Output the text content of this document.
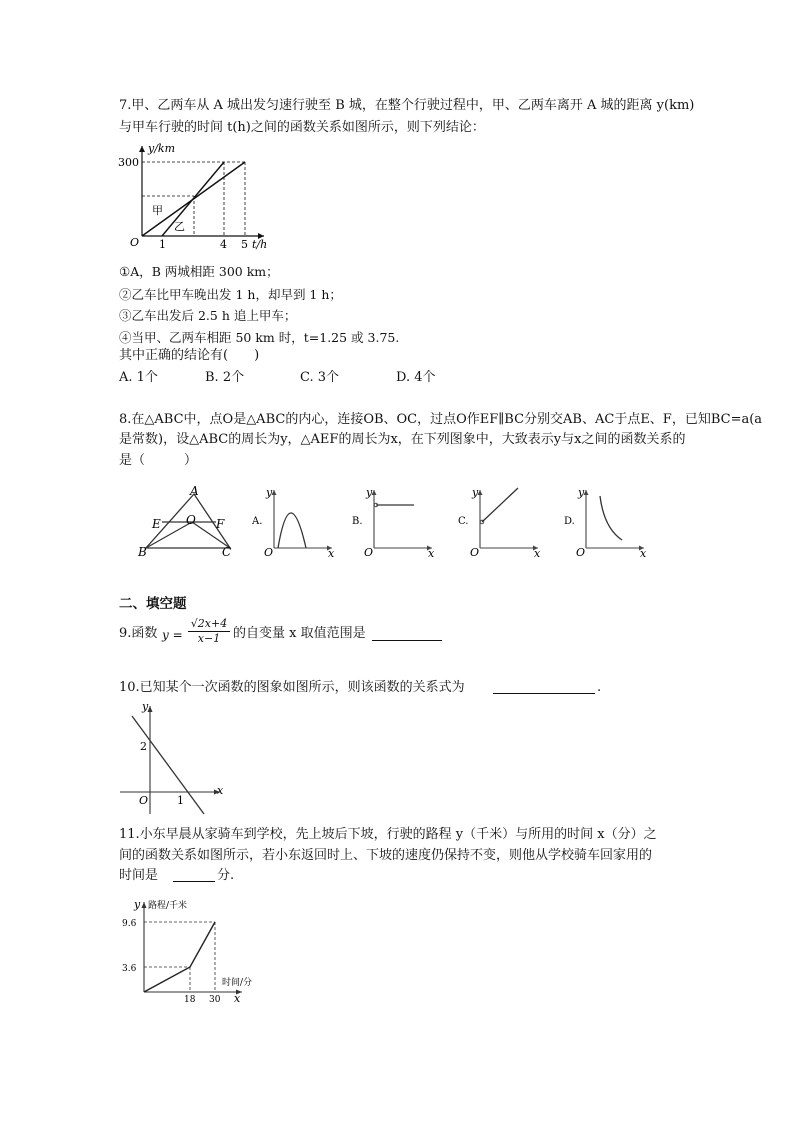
7.甲、乙两车从 A 城出发匀速行驶至 B 城，在整个行驶过程中，甲、乙两车离开 A 城的距离 y(km)
与甲车行驶的时间 t(h)之间的函数关系如图所示，则下列结论：
y/km
300
O 1	4 5 t/h
甲
乙
①A，B 两城相距 300 km；
②乙车比甲车晚出发 1 h，却早到 1 h；
③乙车出发后 2.5 h 追上甲车；
④当甲、乙两车相距 50 km 时，t=1.25 或 3.75.
其中正确的结论有(　　)
A. 1个	B. 2个	C. 3个	D. 4个
8.在△ABC中，点O是△ABC的内心，连接OB、OC，过点O作EF∥BC分别交AB、AC于点E、F，已知BC=a(a
是常数)，设△ABC的周长为y，△AEF的周长为x，在下列图象中，大致表示y与x之间的函数关系的
是（　　　）
A
E O F
B	C
A.
y
O	x
B.
y
O	x
C.
y
O	x
D.
y
O	x
二、填空题
9.函数 $y = \frac{√2x+4}{x-1}$ 的自变量 x 取值范围是
10.已知某个一次函数的图象如图所示，则该函数的关系式为	.
y
2
O	1
x
11.小东早晨从家骑车到学校，先上坡后下坡，行驶的路程 y（千米）与所用的时间 x（分）之
间的函数关系如图所示，若小东返回时上、下坡的速度仍保持不变，则他从学校骑车回家用的
时间是	分.
y 路程/千米
9.6
3.6
18 30
时间/分
x
